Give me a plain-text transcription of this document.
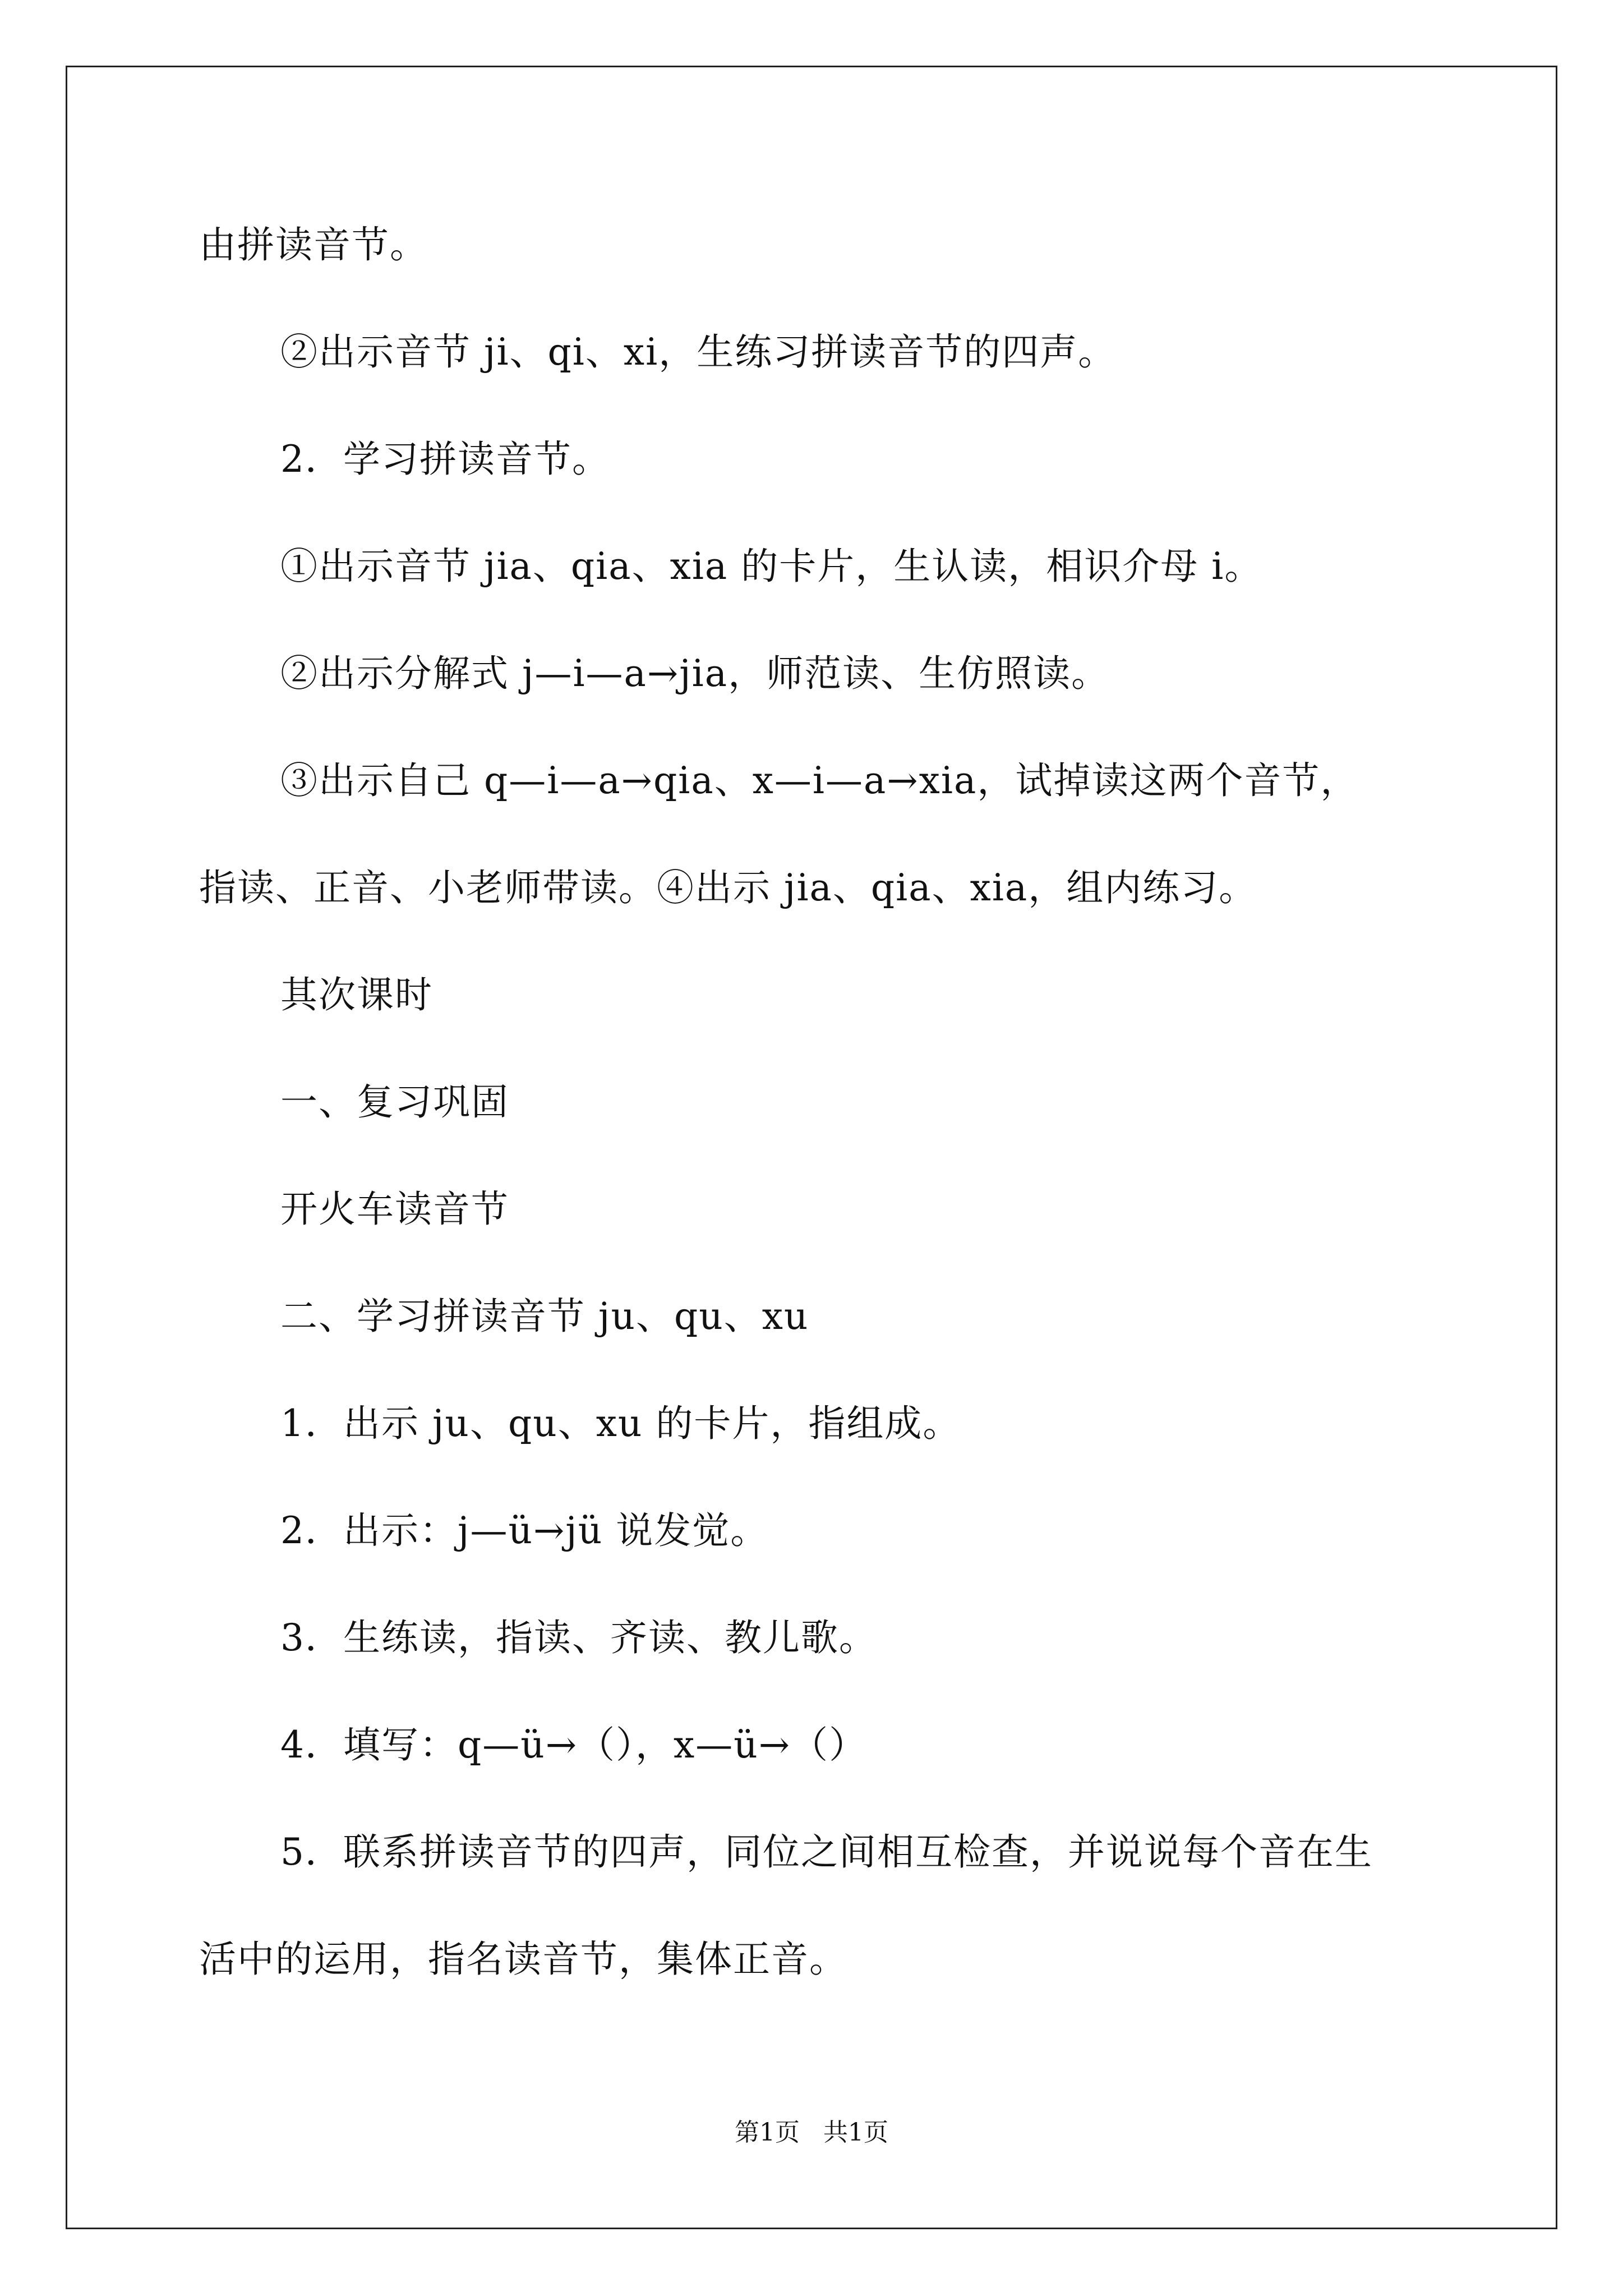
由拼读音节。
②出示音节 ji、qi、xi，生练习拼读音节的四声。
2．学习拼读音节。
①出示音节 jia、qia、xia 的卡片，生认读，相识介母 i。
②出示分解式 j—i—a→jia，师范读、生仿照读。
③出示自己 q—i—a→qia、x—i—a→xia，试掉读这两个音节，
指读、正音、小老师带读。④出示 jia、qia、xia，组内练习。
其次课时
一、复习巩固
开火车读音节
二、学习拼读音节 ju、qu、xu
1．出示 ju、qu、xu 的卡片，指组成。
2．出示：j—ü→jü 说发觉。
3．生练读，指读、齐读、教儿歌。
4．填写：q—ü→（），x—ü→（）
5．联系拼读音节的四声，同位之间相互检查，并说说每个音在生
活中的运用，指名读音节，集体正音。
第1页 共1页
